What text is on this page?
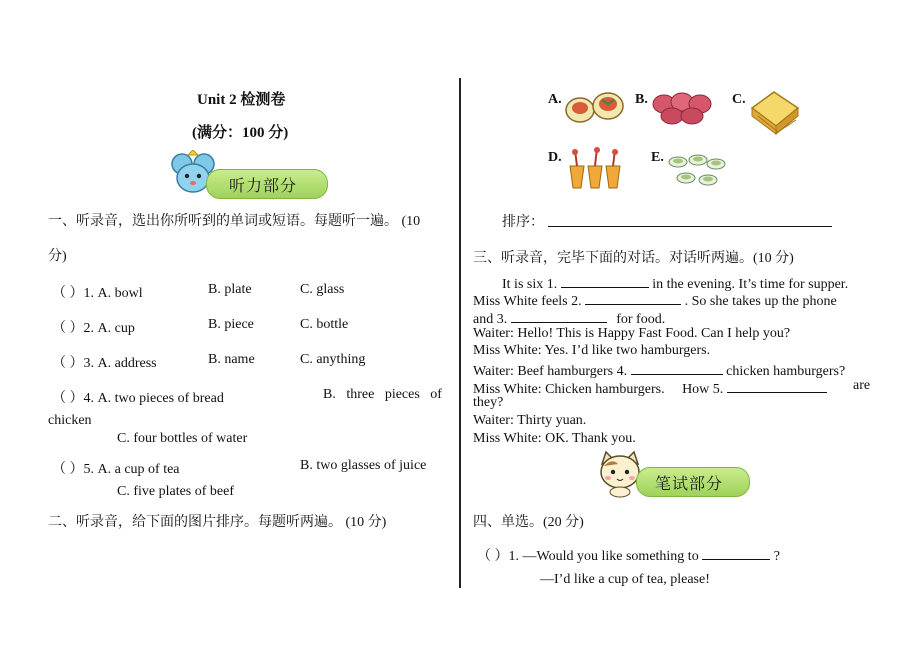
Unit 2 检测卷
(满分：100 分)
听力部分
一、听录音，选出你所听到的单词或短语。每题听一遍。 (10
分)
（ ）1. A. bowl	B. plate	C. glass
（ ）2. A. cup	B. piece	C. bottle
（ ）3. A. address	B. name	C. anything
（ ）4. A. two pieces of bread	B.   three   pieces   of
chicken
C. four bottles of water
（ ）5. A. a cup of tea	B. two glasses of juice
C. five plates of beef
二、听录音，给下面的图片排序。每题听两遍。 (10 分)
A.	B.	C.
D.	E.
排序：
三、听录音，完毕下面的对话。对话听两遍。(10 分)
It is six 1.	in the evening. It’s time for supper.
Miss White feels 2.	. So she takes up the phone
and 3.	for food.
Waiter: Hello! This is Happy Fast Food. Can I help you?
Miss White: Yes. I’d like two hamburgers.
Waiter: Beef hamburgers 4.	chicken hamburgers?
Miss White: Chicken hamburgers.     How 5.	are
they?
Waiter: Thirty yuan.
Miss White: OK. Thank you.
笔试部分
四、单选。(20 分)
（ ）1. —Would you like something to	?
—I’d like a cup of tea, please!
